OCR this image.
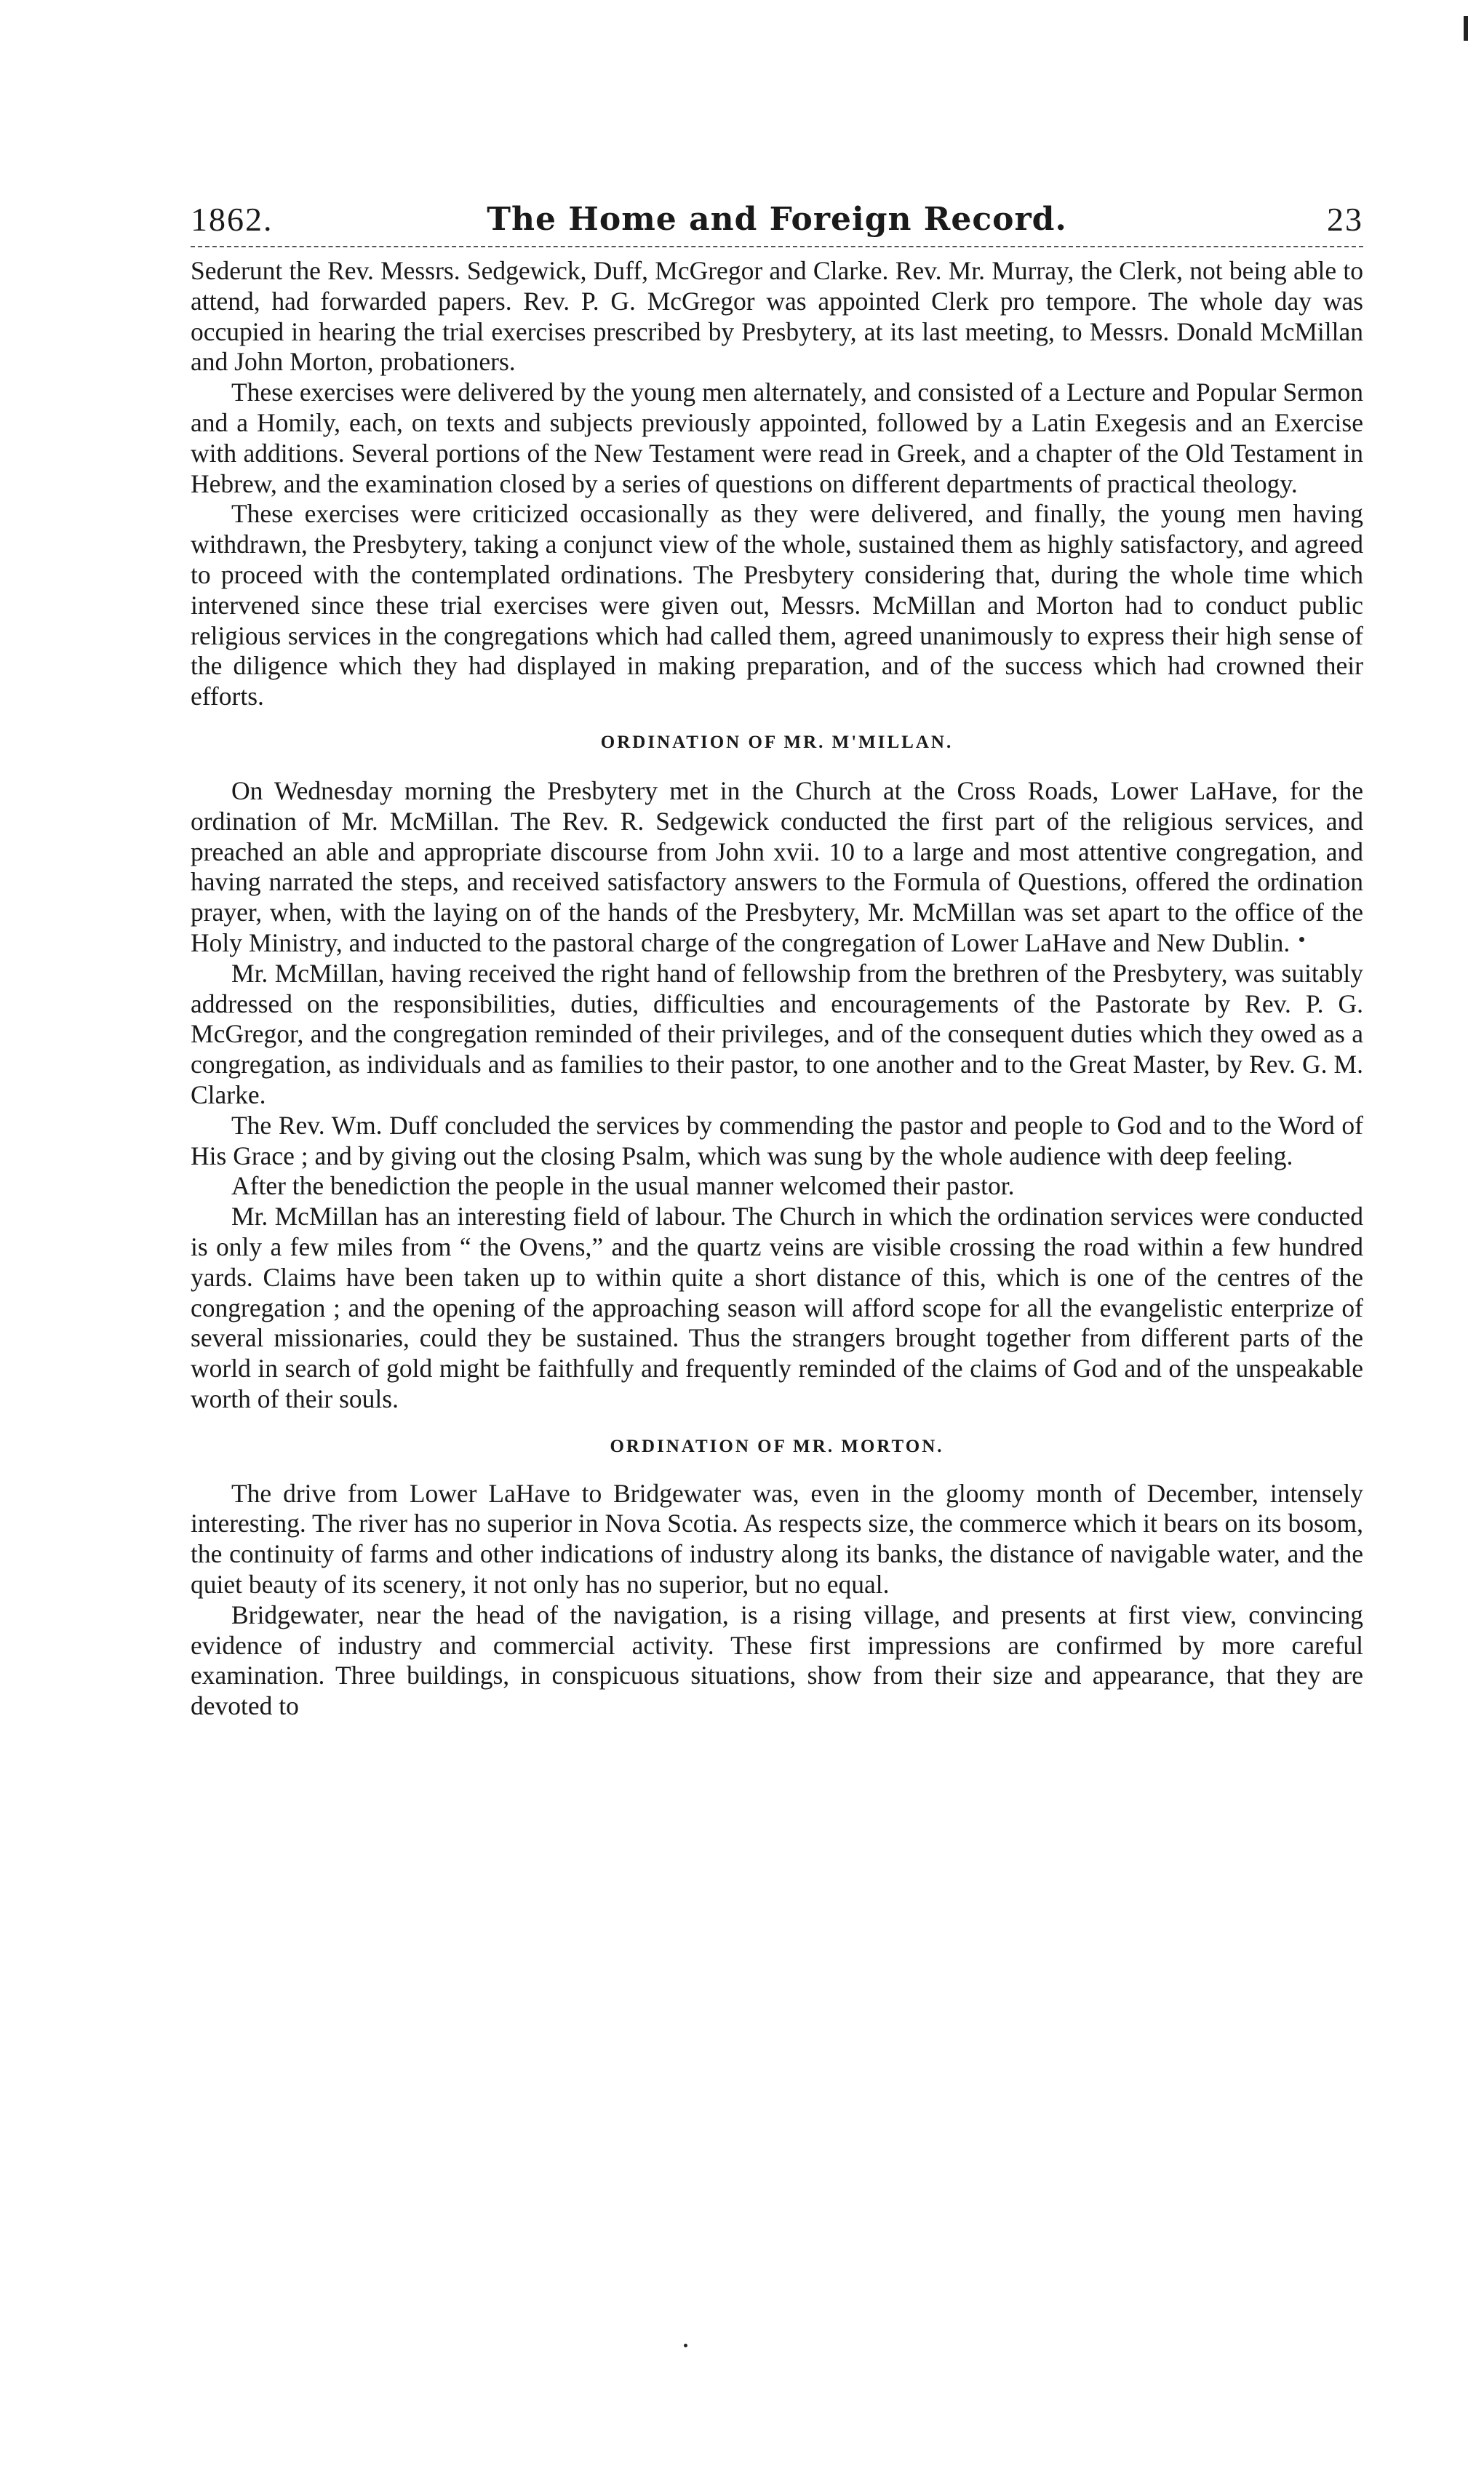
1862.	The Home and Foreign Record.	23

Sederunt the Rev. Messrs. Sedgewick, Duff, McGregor and Clarke. Rev. Mr. Murray, the Clerk, not being able to attend, had forwarded papers. Rev. P. G. McGregor was appointed Clerk pro tempore. The whole day was occupied in hearing the trial exercises prescribed by Presbytery, at its last meeting, to Messrs. Donald McMillan and John Morton, probationers.

These exercises were delivered by the young men alternately, and consisted of a Lecture and Popular Sermon and a Homily, each, on texts and subjects previously appointed, followed by a Latin Exegesis and an Exercise with additions. Several portions of the New Testament were read in Greek, and a chapter of the Old Testament in Hebrew, and the examination closed by a series of questions on different departments of practical theology.

These exercises were criticized occasionally as they were delivered, and finally, the young men having withdrawn, the Presbytery, taking a conjunct view of the whole, sustained them as highly satisfactory, and agreed to proceed with the contemplated ordinations. The Presbytery considering that, during the whole time which intervened since these trial exercises were given out, Messrs. McMillan and Morton had to conduct public religious services in the congregations which had called them, agreed unanimously to express their high sense of the diligence which they had displayed in making preparation, and of the success which had crowned their efforts.

ORDINATION OF MR. M'MILLAN.

On Wednesday morning the Presbytery met in the Church at the Cross Roads, Lower LaHave, for the ordination of Mr. McMillan. The Rev. R. Sedgewick conducted the first part of the religious services, and preached an able and appropriate discourse from John xvii. 10 to a large and most attentive congregation, and having narrated the steps, and received satisfactory answers to the Formula of Questions, offered the ordination prayer, when, with the laying on of the hands of the Presbytery, Mr. McMillan was set apart to the office of the Holy Ministry, and inducted to the pastoral charge of the congregation of Lower LaHave and New Dublin.

Mr. McMillan, having received the right hand of fellowship from the brethren of the Presbytery, was suitably addressed on the responsibilities, duties, difficulties and encouragements of the Pastorate by Rev. P. G. McGregor, and the congregation reminded of their privileges, and of the consequent duties which they owed as a congregation, as individuals and as families to their pastor, to one another and to the Great Master, by Rev. G. M. Clarke.

The Rev. Wm. Duff concluded the services by commending the pastor and people to God and to the Word of His Grace ; and by giving out the closing Psalm, which was sung by the whole audience with deep feeling.

After the benediction the people in the usual manner welcomed their pastor.

Mr. McMillan has an interesting field of labour. The Church in which the ordination services were conducted is only a few miles from “ the Ovens,” and the quartz veins are visible crossing the road within a few hundred yards. Claims have been taken up to within quite a short distance of this, which is one of the centres of the congregation ; and the opening of the approaching season will afford scope for all the evangelistic enterprize of several missionaries, could they be sustained. Thus the strangers brought together from different parts of the world in search of gold might be faithfully and frequently reminded of the claims of God and of the unspeakable worth of their souls.

ORDINATION OF MR. MORTON.

The drive from Lower LaHave to Bridgewater was, even in the gloomy month of December, intensely interesting. The river has no superior in Nova Scotia. As respects size, the commerce which it bears on its bosom, the continuity of farms and other indications of industry along its banks, the distance of navigable water, and the quiet beauty of its scenery, it not only has no superior, but no equal.

Bridgewater, near the head of the navigation, is a rising village, and presents at first view, convincing evidence of industry and commercial activity. These first impressions are confirmed by more careful examination. Three buildings, in conspicuous situations, show from their size and appearance, that they are devoted to
